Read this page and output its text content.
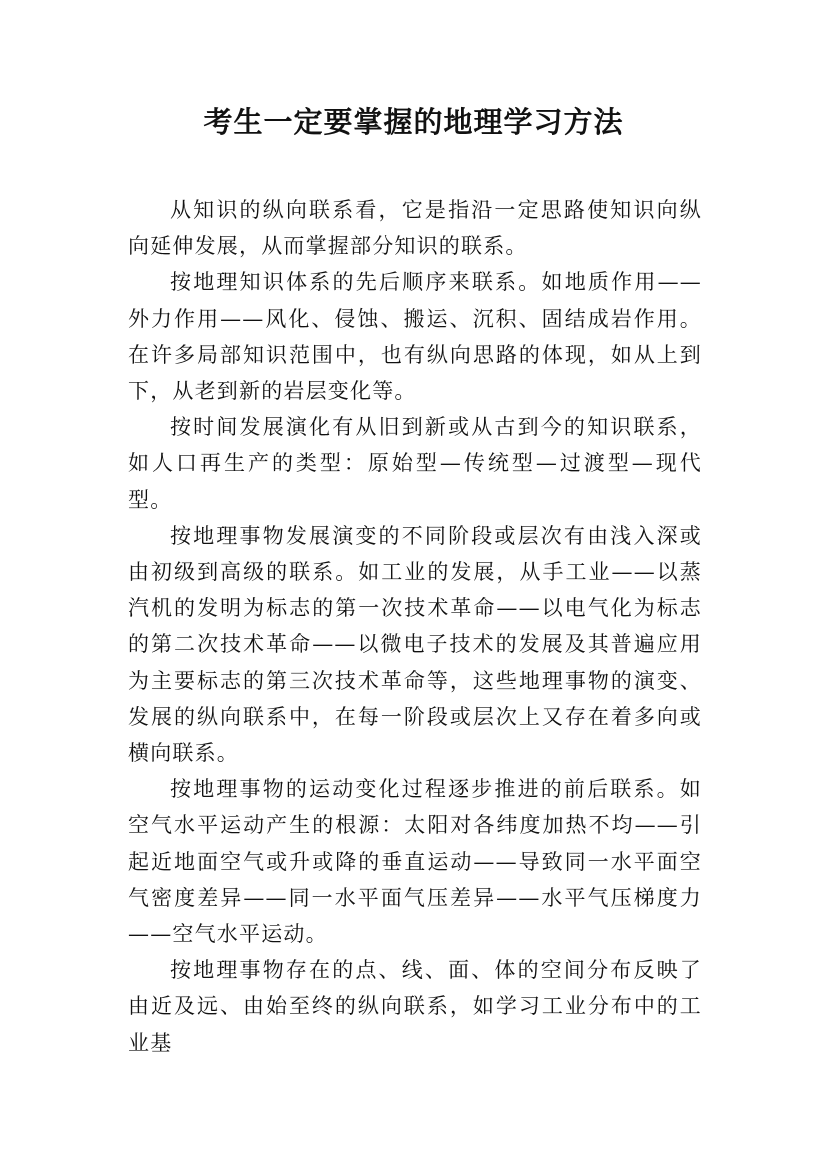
考生一定要掌握的地理学习方法

从知识的纵向联系看，它是指沿一定思路使知识向纵向延伸发展，从而掌握部分知识的联系。

按地理知识体系的先后顺序来联系。如地质作用——外力作用——风化、侵蚀、搬运、沉积、固结成岩作用。在许多局部知识范围中，也有纵向思路的体现，如从上到下，从老到新的岩层变化等。

按时间发展演化有从旧到新或从古到今的知识联系，如人口再生产的类型：原始型—传统型—过渡型—现代型。

按地理事物发展演变的不同阶段或层次有由浅入深或由初级到高级的联系。如工业的发展，从手工业——以蒸汽机的发明为标志的第一次技术革命——以电气化为标志的第二次技术革命——以微电子技术的发展及其普遍应用为主要标志的第三次技术革命等，这些地理事物的演变、发展的纵向联系中，在每一阶段或层次上又存在着多向或横向联系。

按地理事物的运动变化过程逐步推进的前后联系。如空气水平运动产生的根源：太阳对各纬度加热不均——引起近地面空气或升或降的垂直运动——导致同一水平面空气密度差异——同一水平面气压差异——水平气压梯度力——空气水平运动。

按地理事物存在的点、线、面、体的空间分布反映了由近及远、由始至终的纵向联系，如学习工业分布中的工业基
